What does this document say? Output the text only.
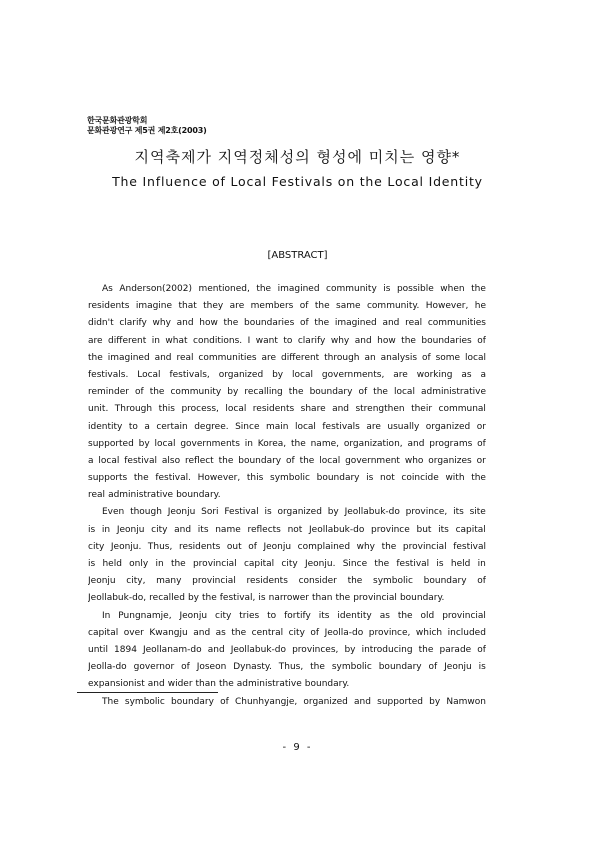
한국문화관광학회
문화관광연구 제5권 제2호(2003)
지역축제가 지역정체성의 형성에 미치는 영향*
The Influence of Local Festivals on the Local Identity
[ABSTRACT]
As Anderson(2002) mentioned, the imagined community is possible when the
residents imagine that they are members of the same community. However, he
didn't clarify why and how the boundaries of the imagined and real communities
are different in what conditions. I want to clarify why and how the boundaries of
the imagined and real communities are different through an analysis of some local
festivals. Local festivals, organized by local governments, are working as a
reminder of the community by recalling the boundary of the local administrative
unit. Through this process, local residents share and strengthen their communal
identity to a certain degree. Since main local festivals are usually organized or
supported by local governments in Korea, the name, organization, and programs of
a local festival also reflect the boundary of the local government who organizes or
supports the festival. However, this symbolic boundary is not coincide with the
real administrative boundary.
Even though Jeonju Sori Festival is organized by Jeollabuk-do province, its site
is in Jeonju city and its name reflects not Jeollabuk-do province but its capital
city Jeonju. Thus, residents out of Jeonju complained why the provincial festival
is held only in the provincial capital city Jeonju. Since the festival is held in
Jeonju city, many provincial residents consider the symbolic boundary of
Jeollabuk-do, recalled by the festival, is narrower than the provincial boundary.
In Pungnamje, Jeonju city tries to fortify its identity as the old provincial
capital over Kwangju and as the central city of Jeolla-do province, which included
until 1894 Jeollanam-do and Jeollabuk-do provinces, by introducing the parade of
Jeolla-do governor of Joseon Dynasty. Thus, the symbolic boundary of Jeonju is
expansionist and wider than the administrative boundary.
The symbolic boundary of Chunhyangje, organized and supported by Namwon
- 9 -
